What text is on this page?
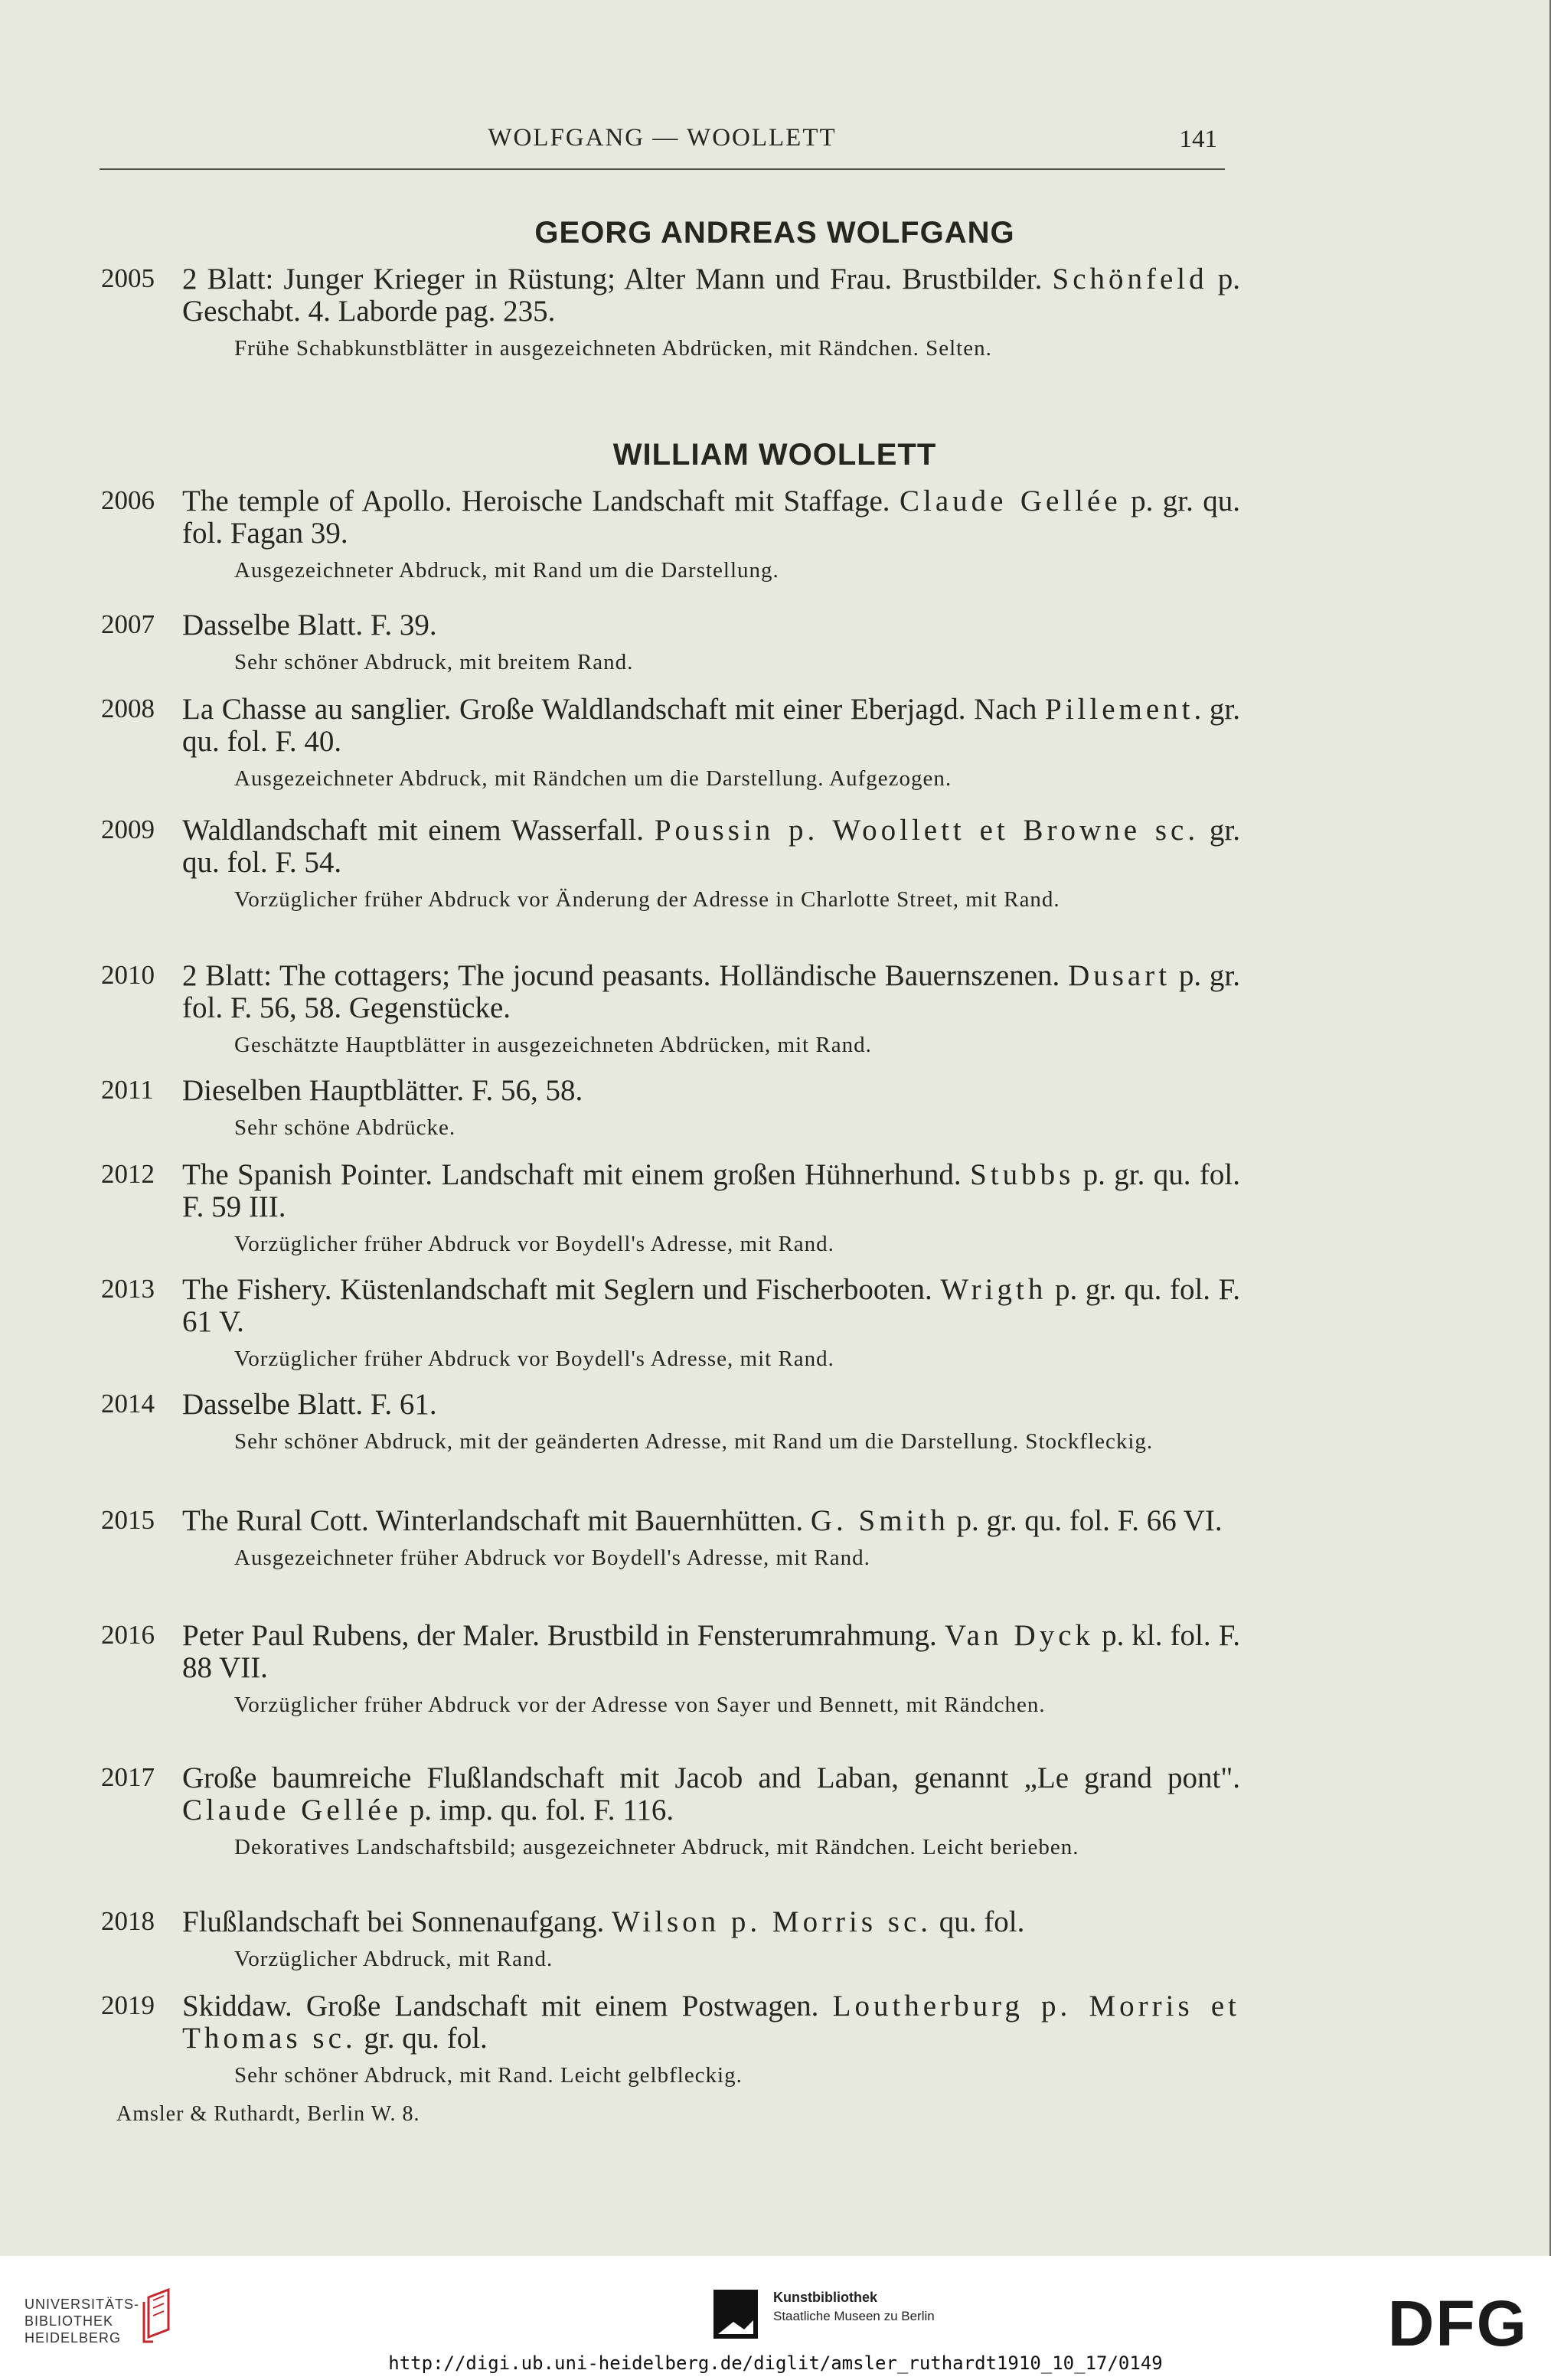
WOLFGANG — WOOLLETT	141
GEORG ANDREAS WOLFGANG
2005 2 Blatt: Junger Krieger in Rüstung; Alter Mann und Frau. Brustbilder. Schönfeld p. Geschabt. 4. Laborde pag. 235.
Frühe Schabkunstblätter in ausgezeichneten Abdrücken, mit Rändchen. Selten.
WILLIAM WOOLLETT
2006 The temple of Apollo. Heroische Landschaft mit Staffage. Claude Gellée p. gr. qu. fol. Fagan 39.
Ausgezeichneter Abdruck, mit Rand um die Darstellung.
2007 Dasselbe Blatt. F. 39.
Sehr schöner Abdruck, mit breitem Rand.
2008 La Chasse au sanglier. Große Waldlandschaft mit einer Eberjagd. Nach Pillement. gr. qu. fol. F. 40.
Ausgezeichneter Abdruck, mit Rändchen um die Darstellung. Aufgezogen.
2009 Waldlandschaft mit einem Wasserfall. Poussin p. Woollett et Browne sc. gr. qu. fol. F. 54.
Vorzüglicher früher Abdruck vor Änderung der Adresse in Charlotte Street, mit Rand.
2010 2 Blatt: The cottagers; The jocund peasants. Holländische Bauernszenen. Dusart p. gr. fol. F. 56, 58. Gegenstücke.
Geschätzte Hauptblätter in ausgezeichneten Abdrücken, mit Rand.
2011 Dieselben Hauptblätter. F. 56, 58.
Sehr schöne Abdrücke.
2012 The Spanish Pointer. Landschaft mit einem großen Hühnerhund. Stubbs p. gr. qu. fol. F. 59 III.
Vorzüglicher früher Abdruck vor Boydell's Adresse, mit Rand.
2013 The Fishery. Küstenlandschaft mit Seglern und Fischerbooten. Wrigth p. gr. qu. fol. F. 61 V.
Vorzüglicher früher Abdruck vor Boydell's Adresse, mit Rand.
2014 Dasselbe Blatt. F. 61.
Sehr schöner Abdruck, mit der geänderten Adresse, mit Rand um die Darstellung. Stockfleckig.
2015 The Rural Cott. Winterlandschaft mit Bauernhütten. G. Smith p. gr. qu. fol. F. 66 VI.
Ausgezeichneter früher Abdruck vor Boydell's Adresse, mit Rand.
2016 Peter Paul Rubens, der Maler. Brustbild in Fensterumrahmung. Van Dyck p. kl. fol. F. 88 VII.
Vorzüglicher früher Abdruck vor der Adresse von Sayer und Bennett, mit Rändchen.
2017 Große baumreiche Flußlandschaft mit Jacob and Laban, genannt „Le grand pont". Claude Gellée p. imp. qu. fol. F. 116.
Dekoratives Landschaftsbild; ausgezeichneter Abdruck, mit Rändchen. Leicht berieben.
2018 Flußlandschaft bei Sonnenaufgang. Wilson p. Morris sc. qu. fol.
Vorzüglicher Abdruck, mit Rand.
2019 Skiddaw. Große Landschaft mit einem Postwagen. Loutherburg p. Morris et Thomas sc. gr. qu. fol.
Sehr schöner Abdruck, mit Rand. Leicht gelbfleckig.
Amsler & Ruthardt, Berlin W. 8.
UNIVERSITÄTS-
BIBLIOTHEK
HEIDELBERG
Kunstbibliothek
Staatliche Museen zu Berlin	DFG
http://digi.ub.uni-heidelberg.de/diglit/amsler_ruthardt1910_10_17/0149
